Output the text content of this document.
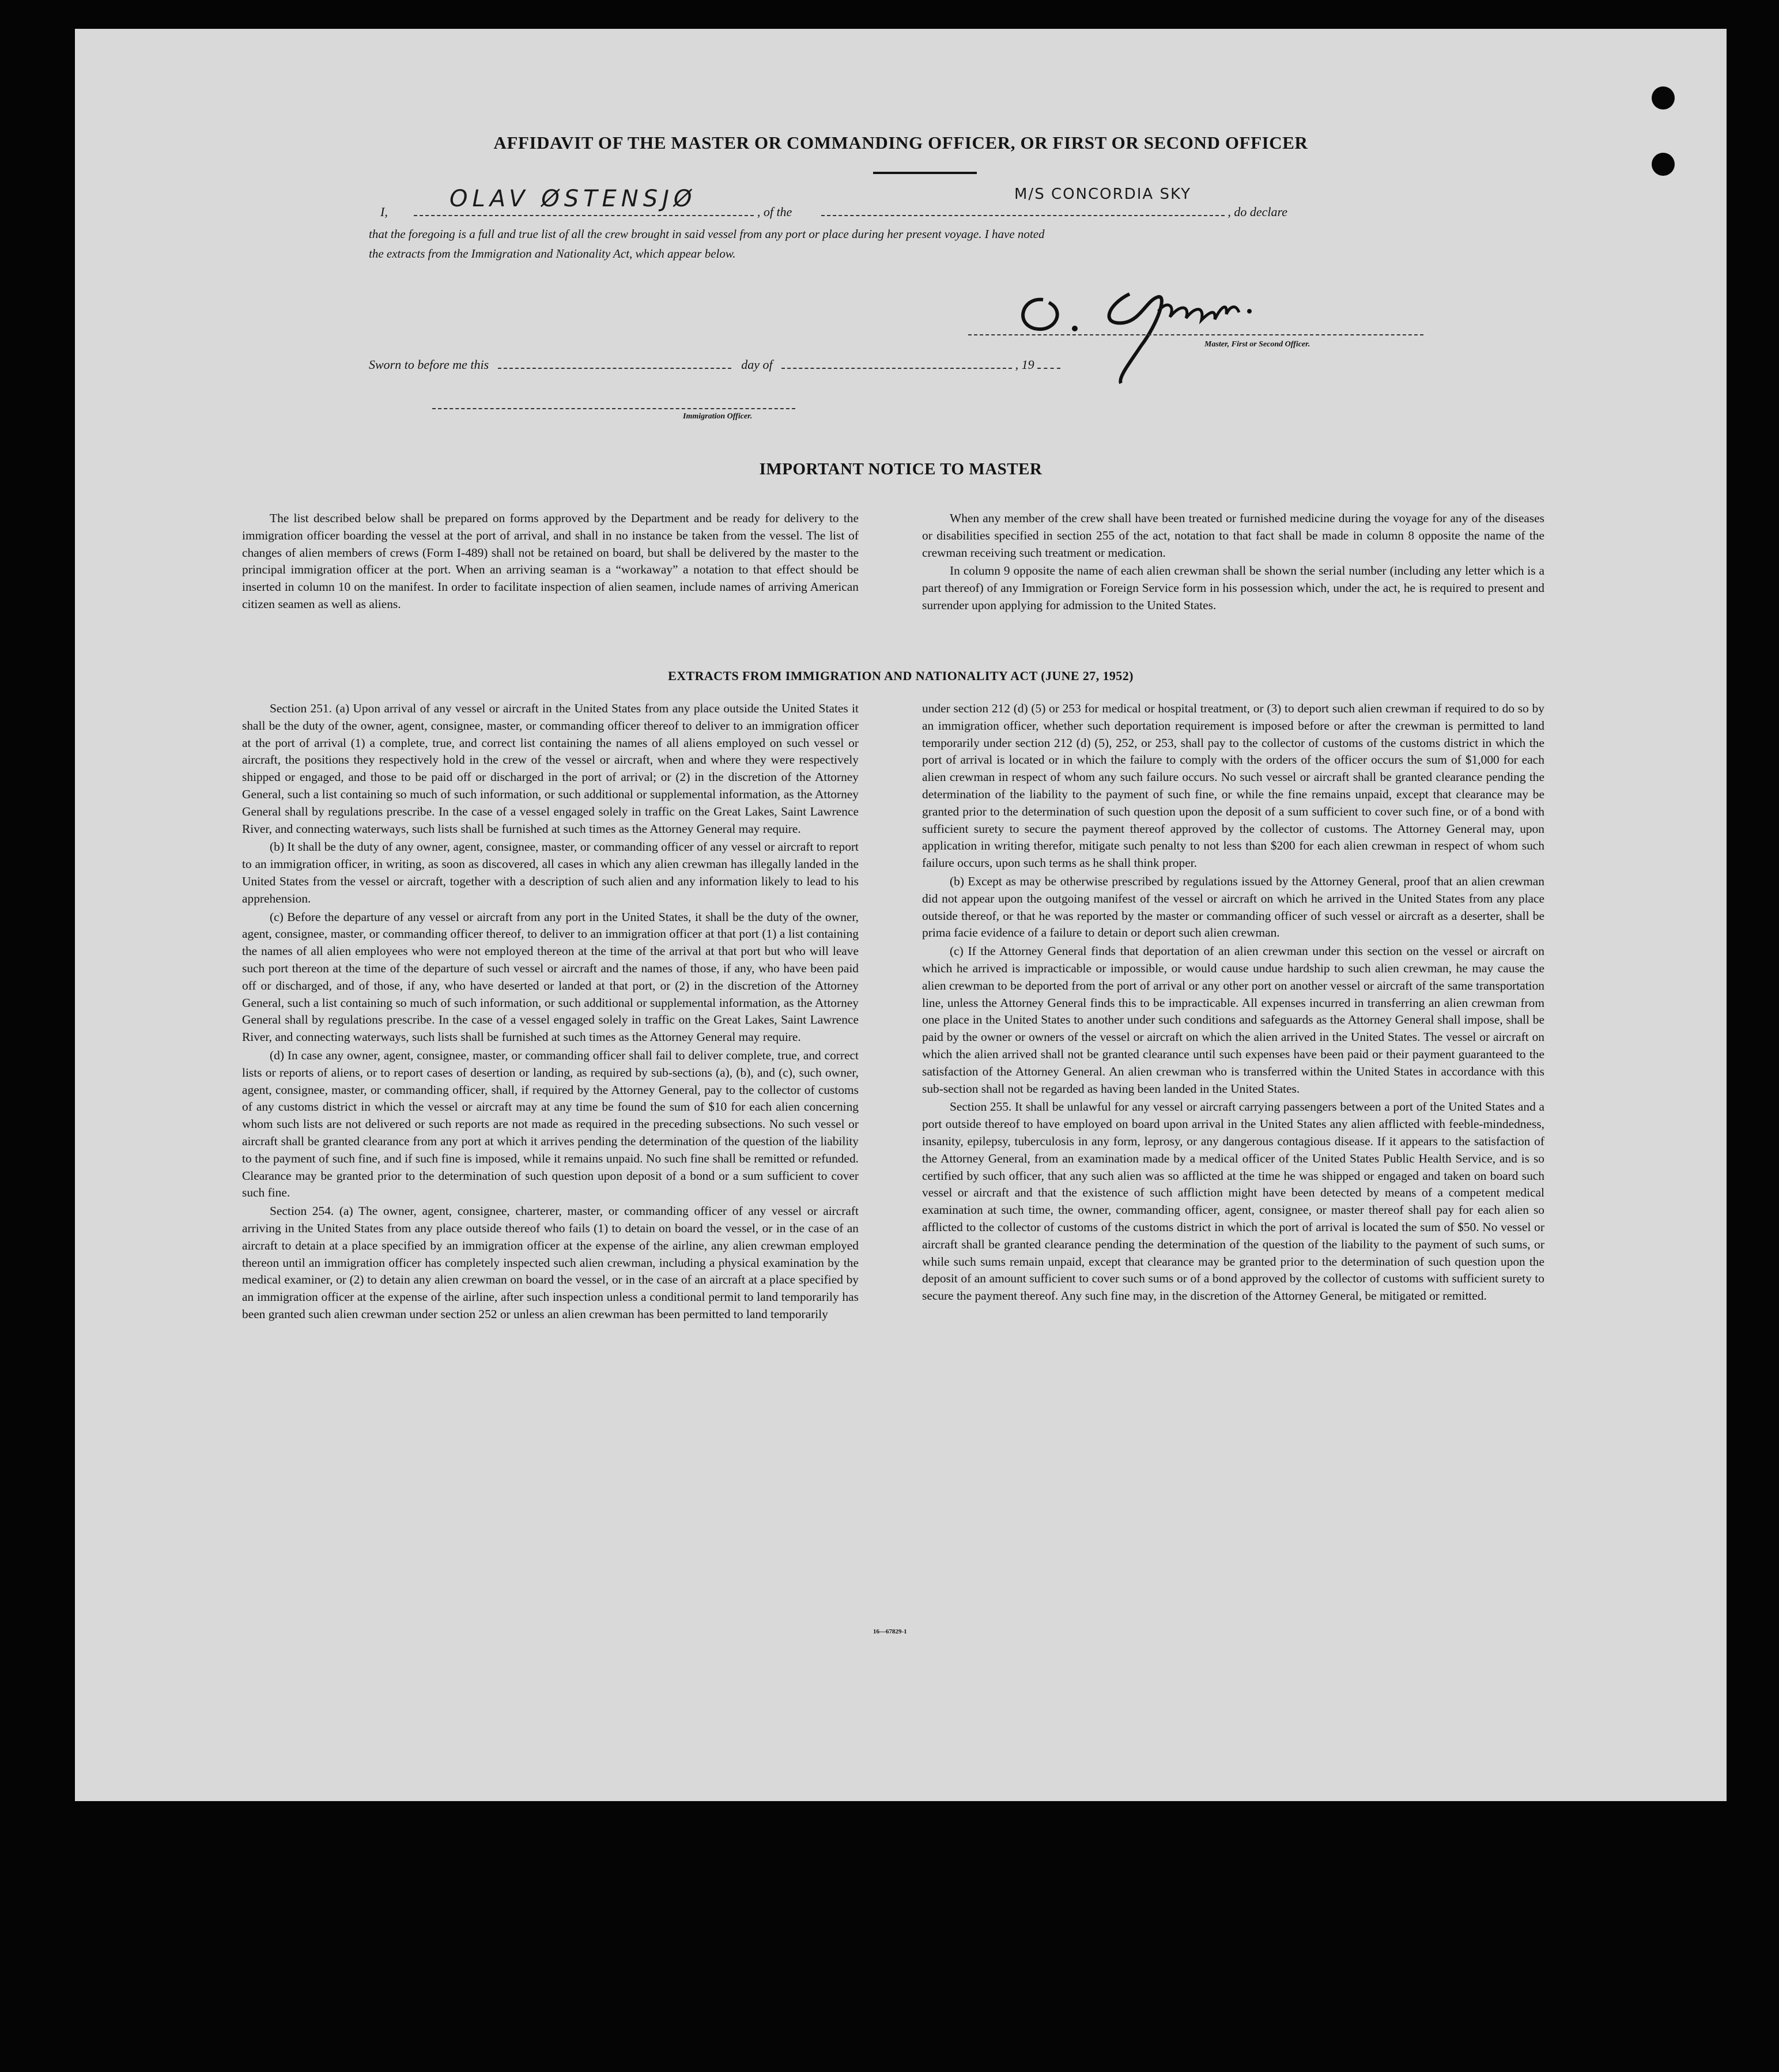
AFFIDAVIT OF THE MASTER OR COMMANDING OFFICER, OR FIRST OR SECOND OFFICER
I,	, of the	, do declare
OLAV ØSTENSJØ	M/S CONCORDIA SKY
that the foregoing is a full and true list of all the crew brought in said vessel from any port or place during her present voyage. I have noted
the extracts from the Immigration and Nationality Act, which appear below.
Master, First or Second Officer.
Sworn to before me this	day of	, 19
Immigration Officer.
IMPORTANT NOTICE TO MASTER

The list described below shall be prepared on forms approved by the Department and be ready for delivery to the immigration officer boarding the vessel at the port of arrival, and shall in no instance be taken from the vessel. The list of changes of alien members of crews (Form I-489) shall not be retained on board, but shall be delivered by the master to the principal immigration officer at the port. When an arriving seaman is a “workaway” a notation to that effect should be inserted in column 10 on the manifest. In order to facilitate inspection of alien seamen, include names of arriving American citizen seamen as well as aliens.

When any member of the crew shall have been treated or furnished medicine during the voyage for any of the diseases or disabilities specified in section 255 of the act, notation to that fact shall be made in column 8 opposite the name of the crewman receiving such treatment or medication.

In column 9 opposite the name of each alien crewman shall be shown the serial number (including any letter which is a part thereof) of any Immigration or Foreign Service form in his possession which, under the act, he is required to present and surrender upon applying for admission to the United States.

EXTRACTS FROM IMMIGRATION AND NATIONALITY ACT (JUNE 27, 1952)

Section 251. (a) Upon arrival of any vessel or aircraft in the United States from any place outside the United States it shall be the duty of the owner, agent, consignee, master, or commanding officer thereof to deliver to an immigration officer at the port of arrival (1) a complete, true, and correct list containing the names of all aliens employed on such vessel or aircraft, the positions they respectively hold in the crew of the vessel or aircraft, when and where they were respectively shipped or engaged, and those to be paid off or discharged in the port of arrival; or (2) in the discretion of the Attorney General, such a list containing so much of such information, or such additional or supplemental information, as the Attorney General shall by regulations prescribe. In the case of a vessel engaged solely in traffic on the Great Lakes, Saint Lawrence River, and connecting waterways, such lists shall be furnished at such times as the Attorney General may require.

(b) It shall be the duty of any owner, agent, consignee, master, or commanding officer of any vessel or aircraft to report to an immigration officer, in writing, as soon as discovered, all cases in which any alien crewman has illegally landed in the United States from the vessel or aircraft, together with a description of such alien and any information likely to lead to his apprehension.

(c) Before the departure of any vessel or aircraft from any port in the United States, it shall be the duty of the owner, agent, consignee, master, or commanding officer thereof, to deliver to an immigration officer at that port (1) a list containing the names of all alien employees who were not employed thereon at the time of the arrival at that port but who will leave such port thereon at the time of the departure of such vessel or aircraft and the names of those, if any, who have been paid off or discharged, and of those, if any, who have deserted or landed at that port, or (2) in the discretion of the Attorney General, such a list containing so much of such information, or such additional or supplemental information, as the Attorney General shall by regulations prescribe. In the case of a vessel engaged solely in traffic on the Great Lakes, Saint Lawrence River, and connecting waterways, such lists shall be furnished at such times as the Attorney General may require.

(d) In case any owner, agent, consignee, master, or commanding officer shall fail to deliver complete, true, and correct lists or reports of aliens, or to report cases of desertion or landing, as required by sub-sections (a), (b), and (c), such owner, agent, consignee, master, or commanding officer, shall, if required by the Attorney General, pay to the collector of customs of any customs district in which the vessel or aircraft may at any time be found the sum of $10 for each alien concerning whom such lists are not delivered or such reports are not made as required in the preceding subsections. No such vessel or aircraft shall be granted clearance from any port at which it arrives pending the determination of the question of the liability to the payment of such fine, and if such fine is imposed, while it remains unpaid. No such fine shall be remitted or refunded. Clearance may be granted prior to the determination of such question upon deposit of a bond or a sum sufficient to cover such fine.

Section 254. (a) The owner, agent, consignee, charterer, master, or commanding officer of any vessel or aircraft arriving in the United States from any place outside thereof who fails (1) to detain on board the vessel, or in the case of an aircraft to detain at a place specified by an immigration officer at the expense of the airline, any alien crewman employed thereon until an immigration officer has completely inspected such alien crewman, including a physical examination by the medical examiner, or (2) to detain any alien crewman on board the vessel, or in the case of an aircraft at a place specified by an immigration officer at the expense of the airline, after such inspection unless a conditional permit to land temporarily has been granted such alien crewman under section 252 or unless an alien crewman has been permitted to land temporarily

under section 212 (d) (5) or 253 for medical or hospital treatment, or (3) to deport such alien crewman if required to do so by an immigration officer, whether such deportation requirement is imposed before or after the crewman is permitted to land temporarily under section 212 (d) (5), 252, or 253, shall pay to the collector of customs of the customs district in which the port of arrival is located or in which the failure to comply with the orders of the officer occurs the sum of $1,000 for each alien crewman in respect of whom any such failure occurs. No such vessel or aircraft shall be granted clearance pending the determination of the liability to the payment of such fine, or while the fine remains unpaid, except that clearance may be granted prior to the determination of such question upon the deposit of a sum sufficient to cover such fine, or of a bond with sufficient surety to secure the payment thereof approved by the collector of customs. The Attorney General may, upon application in writing therefor, mitigate such penalty to not less than $200 for each alien crewman in respect of whom such failure occurs, upon such terms as he shall think proper.

(b) Except as may be otherwise prescribed by regulations issued by the Attorney General, proof that an alien crewman did not appear upon the outgoing manifest of the vessel or aircraft on which he arrived in the United States from any place outside thereof, or that he was reported by the master or commanding officer of such vessel or aircraft as a deserter, shall be prima facie evidence of a failure to detain or deport such alien crewman.

(c) If the Attorney General finds that deportation of an alien crewman under this section on the vessel or aircraft on which he arrived is impracticable or impossible, or would cause undue hardship to such alien crewman, he may cause the alien crewman to be deported from the port of arrival or any other port on another vessel or aircraft of the same transportation line, unless the Attorney General finds this to be impracticable. All expenses incurred in transferring an alien crewman from one place in the United States to another under such conditions and safeguards as the Attorney General shall impose, shall be paid by the owner or owners of the vessel or aircraft on which the alien arrived in the United States. The vessel or aircraft on which the alien arrived shall not be granted clearance until such expenses have been paid or their payment guaranteed to the satisfaction of the Attorney General. An alien crewman who is transferred within the United States in accordance with this sub-section shall not be regarded as having been landed in the United States.

Section 255. It shall be unlawful for any vessel or aircraft carrying passengers between a port of the United States and a port outside thereof to have employed on board upon arrival in the United States any alien afflicted with feeble-mindedness, insanity, epilepsy, tuberculosis in any form, leprosy, or any dangerous contagious disease. If it appears to the satisfaction of the Attorney General, from an examination made by a medical officer of the United States Public Health Service, and is so certified by such officer, that any such alien was so afflicted at the time he was shipped or engaged and taken on board such vessel or aircraft and that the existence of such affliction might have been detected by means of a competent medical examination at such time, the owner, commanding officer, agent, consignee, or master thereof shall pay for each alien so afflicted to the collector of customs of the customs district in which the port of arrival is located the sum of $50. No vessel or aircraft shall be granted clearance pending the determination of the question of the liability to the payment of such sums, or while such sums remain unpaid, except that clearance may be granted prior to the determination of such question upon the deposit of an amount sufficient to cover such sums or of a bond approved by the collector of customs with sufficient surety to secure the payment thereof. Any such fine may, in the discretion of the Attorney General, be mitigated or remitted.

16—67829-1
